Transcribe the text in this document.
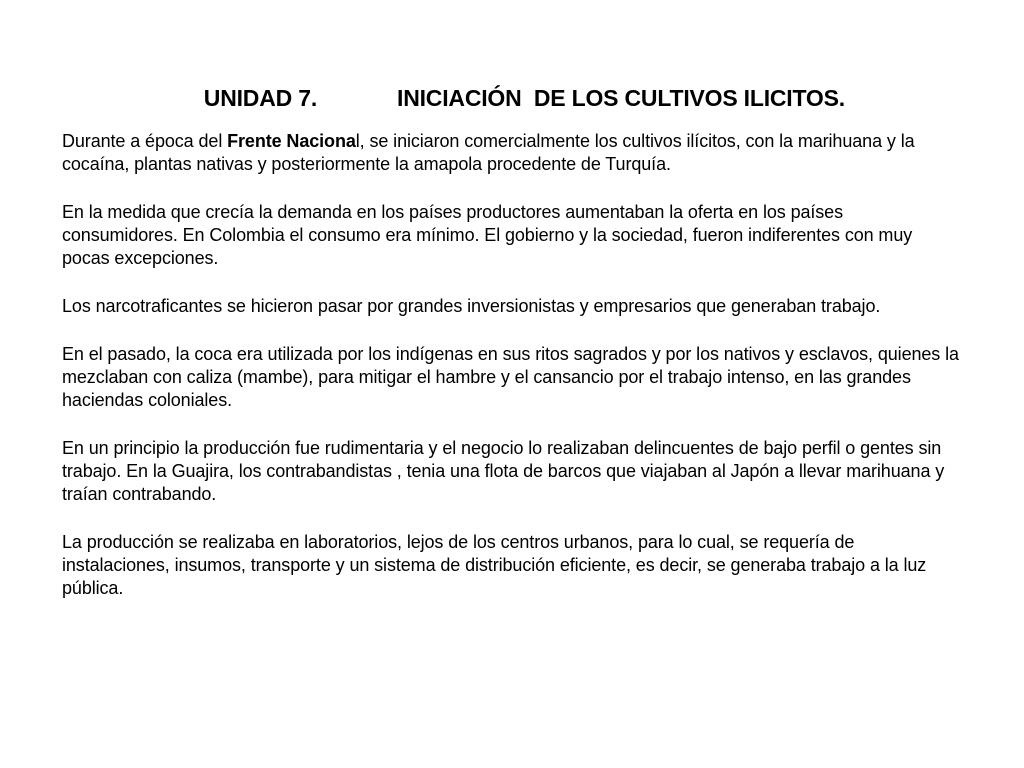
UNIDAD 7.	INICIACIÓN  DE LOS CULTIVOS ILICITOS.

Durante a época del Frente Nacional, se iniciaron comercialmente los cultivos ilícitos, con la marihuana y la cocaína, plantas nativas y posteriormente la amapola procedente de Turquía.

En la medida que crecía la demanda en los países productores aumentaban la oferta en los países consumidores. En Colombia el consumo era mínimo. El gobierno y la sociedad, fueron indiferentes con muy pocas excepciones.

Los narcotraficantes se hicieron pasar por grandes inversionistas y empresarios que generaban trabajo.

En el pasado, la coca era utilizada por los indígenas en sus ritos sagrados y por los nativos y esclavos, quienes la mezclaban con caliza (mambe), para mitigar el hambre y el cansancio por el trabajo intenso, en las grandes haciendas coloniales.

En un principio la producción fue rudimentaria y el negocio lo realizaban delincuentes de bajo perfil o gentes sin trabajo. En la Guajira, los contrabandistas , tenia una flota de barcos que viajaban al Japón a llevar marihuana y traían contrabando.

La producción se realizaba en laboratorios, lejos de los centros urbanos, para lo cual, se requería de instalaciones, insumos, transporte y un sistema de distribución eficiente, es decir, se generaba trabajo a la luz pública.
